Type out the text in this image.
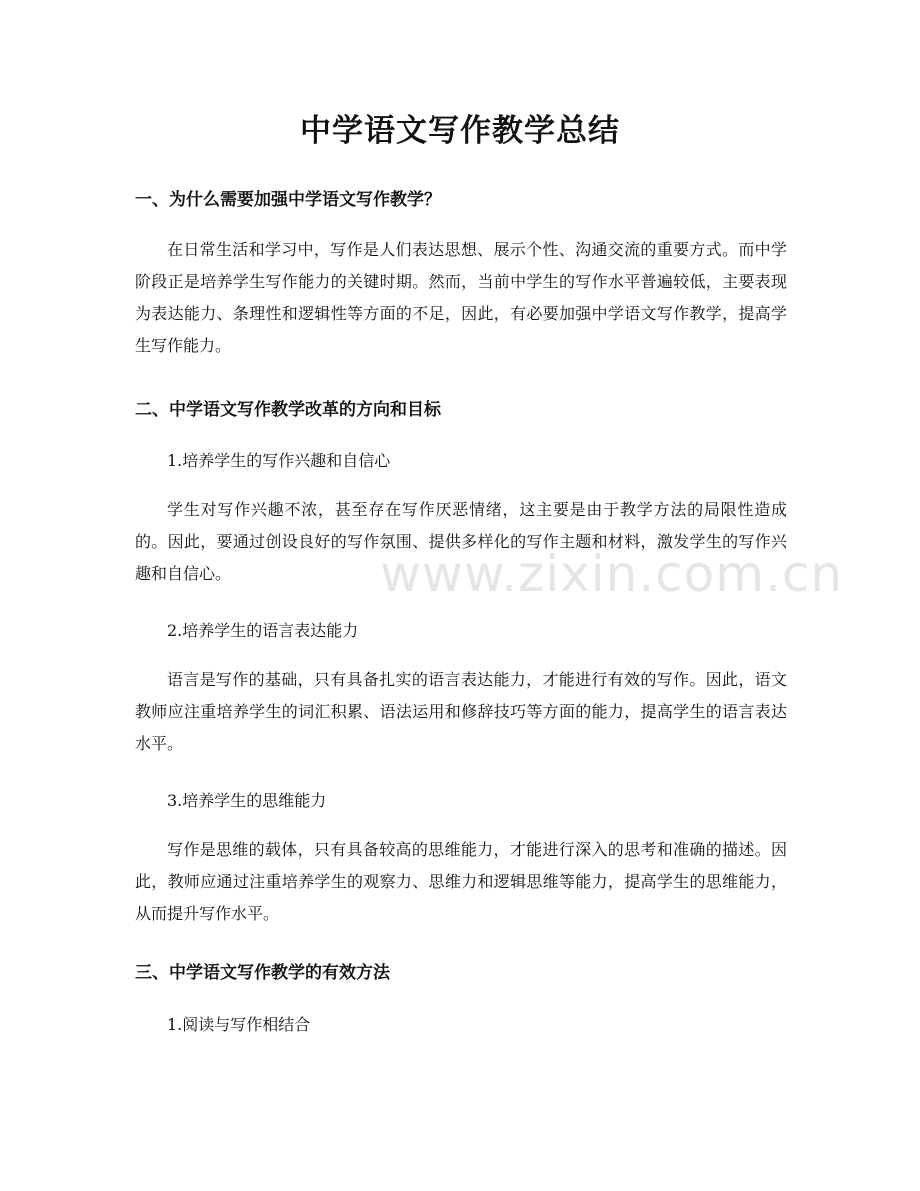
中学语文写作教学总结
一、为什么需要加强中学语文写作教学？

在日常生活和学习中，写作是人们表达思想、展示个性、沟通交流的重要方式。而中学阶段正是培养学生写作能力的关键时期。然而，当前中学生的写作水平普遍较低，主要表现为表达能力、条理性和逻辑性等方面的不足，因此，有必要加强中学语文写作教学，提高学生写作能力。

二、中学语文写作教学改革的方向和目标

1.培养学生的写作兴趣和自信心

学生对写作兴趣不浓，甚至存在写作厌恶情绪，这主要是由于教学方法的局限性造成的。因此，要通过创设良好的写作氛围、提供多样化的写作主题和材料，激发学生的写作兴趣和自信心。

2.培养学生的语言表达能力

语言是写作的基础，只有具备扎实的语言表达能力，才能进行有效的写作。因此，语文教师应注重培养学生的词汇积累、语法运用和修辞技巧等方面的能力，提高学生的语言表达水平。

3.培养学生的思维能力

写作是思维的载体，只有具备较高的思维能力，才能进行深入的思考和准确的描述。因此，教师应通过注重培养学生的观察力、思维力和逻辑思维等能力，提高学生的思维能力，从而提升写作水平。

三、中学语文写作教学的有效方法

1.阅读与写作相结合

www.zixin.com.cn
